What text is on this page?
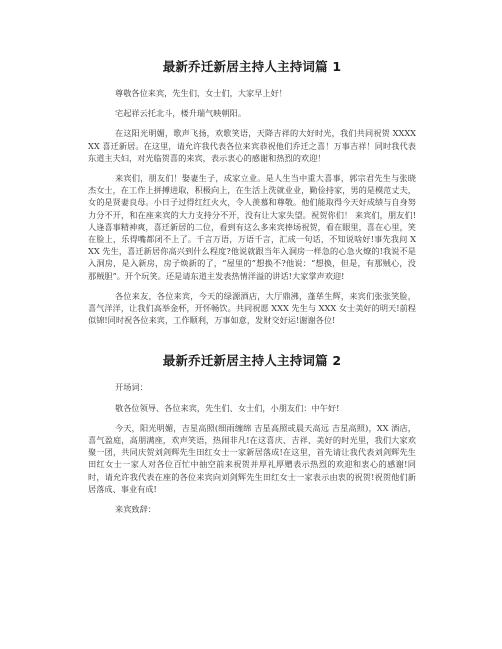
最新乔迁新居主持人主持词篇 1

尊敬各位来宾，先生们，女士们，大家早上好！

宅起祥云托北斗，楼升瑞气映朝阳。

在这阳光明媚，歌声飞扬，欢歌笑语，天降吉祥的大好时光，我们共同祝贺 XXXXXX 喜迁新居。在这里，请允许我代表各位来宾恭祝他们乔迁之喜！万事吉祥！同时我代表东道主夫妇，对光临贺喜的来宾，表示衷心的感谢和热烈的欢迎！

来宾们，朋友们！娶妻生子，成家立业。是人生当中重大喜事，郭宗君先生与张晓杰女士，在工作上拼搏进取，积极向上，在生活上洗就业业，勤俭持家，男的是模范丈夫，女的是贤妻良母。小日子过得红红火火，令人羡慕和尊敬。他们能取得今天好成绩与自身努力分不开，和在座来宾的大力支持分不开，没有让大家失望。祝贺你们！ 来宾们，朋友们!人逢喜事精神爽，喜迁新居的二位，看到有这么多来宾捧场祝贺，看在眼里，喜在心里，笑在脸上，乐得嘴都闭不上了。千言万语，万语千言，汇成一句话，不知说啥好!事先我问 XXX 先生，喜迁新居你高兴到什么程度?他说就跟当年入洞房一样急的心急火燎的!我说不是入洞房，是入新房，房子焕新的了，“屋里的”想换不?他说：“想换，但是，有那贼心，没那贼胆”。开个玩笑。还是请东道主发表热情洋溢的讲话!大家掌声欢迎!

各位来友，各位来宾，今天的绿源酒店，大厅鼎沸，蓬荜生辉，来宾们张张笑脸，喜气洋洋，让我们高举金杯，开怀畅饮。共同祝愿 XXX 先生与 XXX 女士美好的明天!前程似锦!同时祝各位来宾，工作顺利，万事如意，发财交好运!谢谢各位!

最新乔迁新居主持人主持词篇 2

开场词：

敬各位领导、各位来宾，先生们、女士们，小朋友们：中午好!

今天，阳光明媚，吉星高照(细雨缠绵 吉星高照或晨天高远 吉星高照)，XX 酒店，喜气盈庭，高朋满座，欢声笑语，热闹非凡!在这喜庆、吉祥、美好的时光里，我们大家欢聚一团，共同庆贺刘剑辉先生田红女士一家新居落成!在这里，首先请让我代表刘剑辉先生田红女士一家人对各位百忙中抽空前来祝贺并厚礼厚赠表示热烈的欢迎和衷心的感谢!同时，请允许我代表在座的各位来宾向刘剑辉先生田红女士一家表示由衷的祝贺!祝贺他们新居落成、事业有成!

来宾致辞：
